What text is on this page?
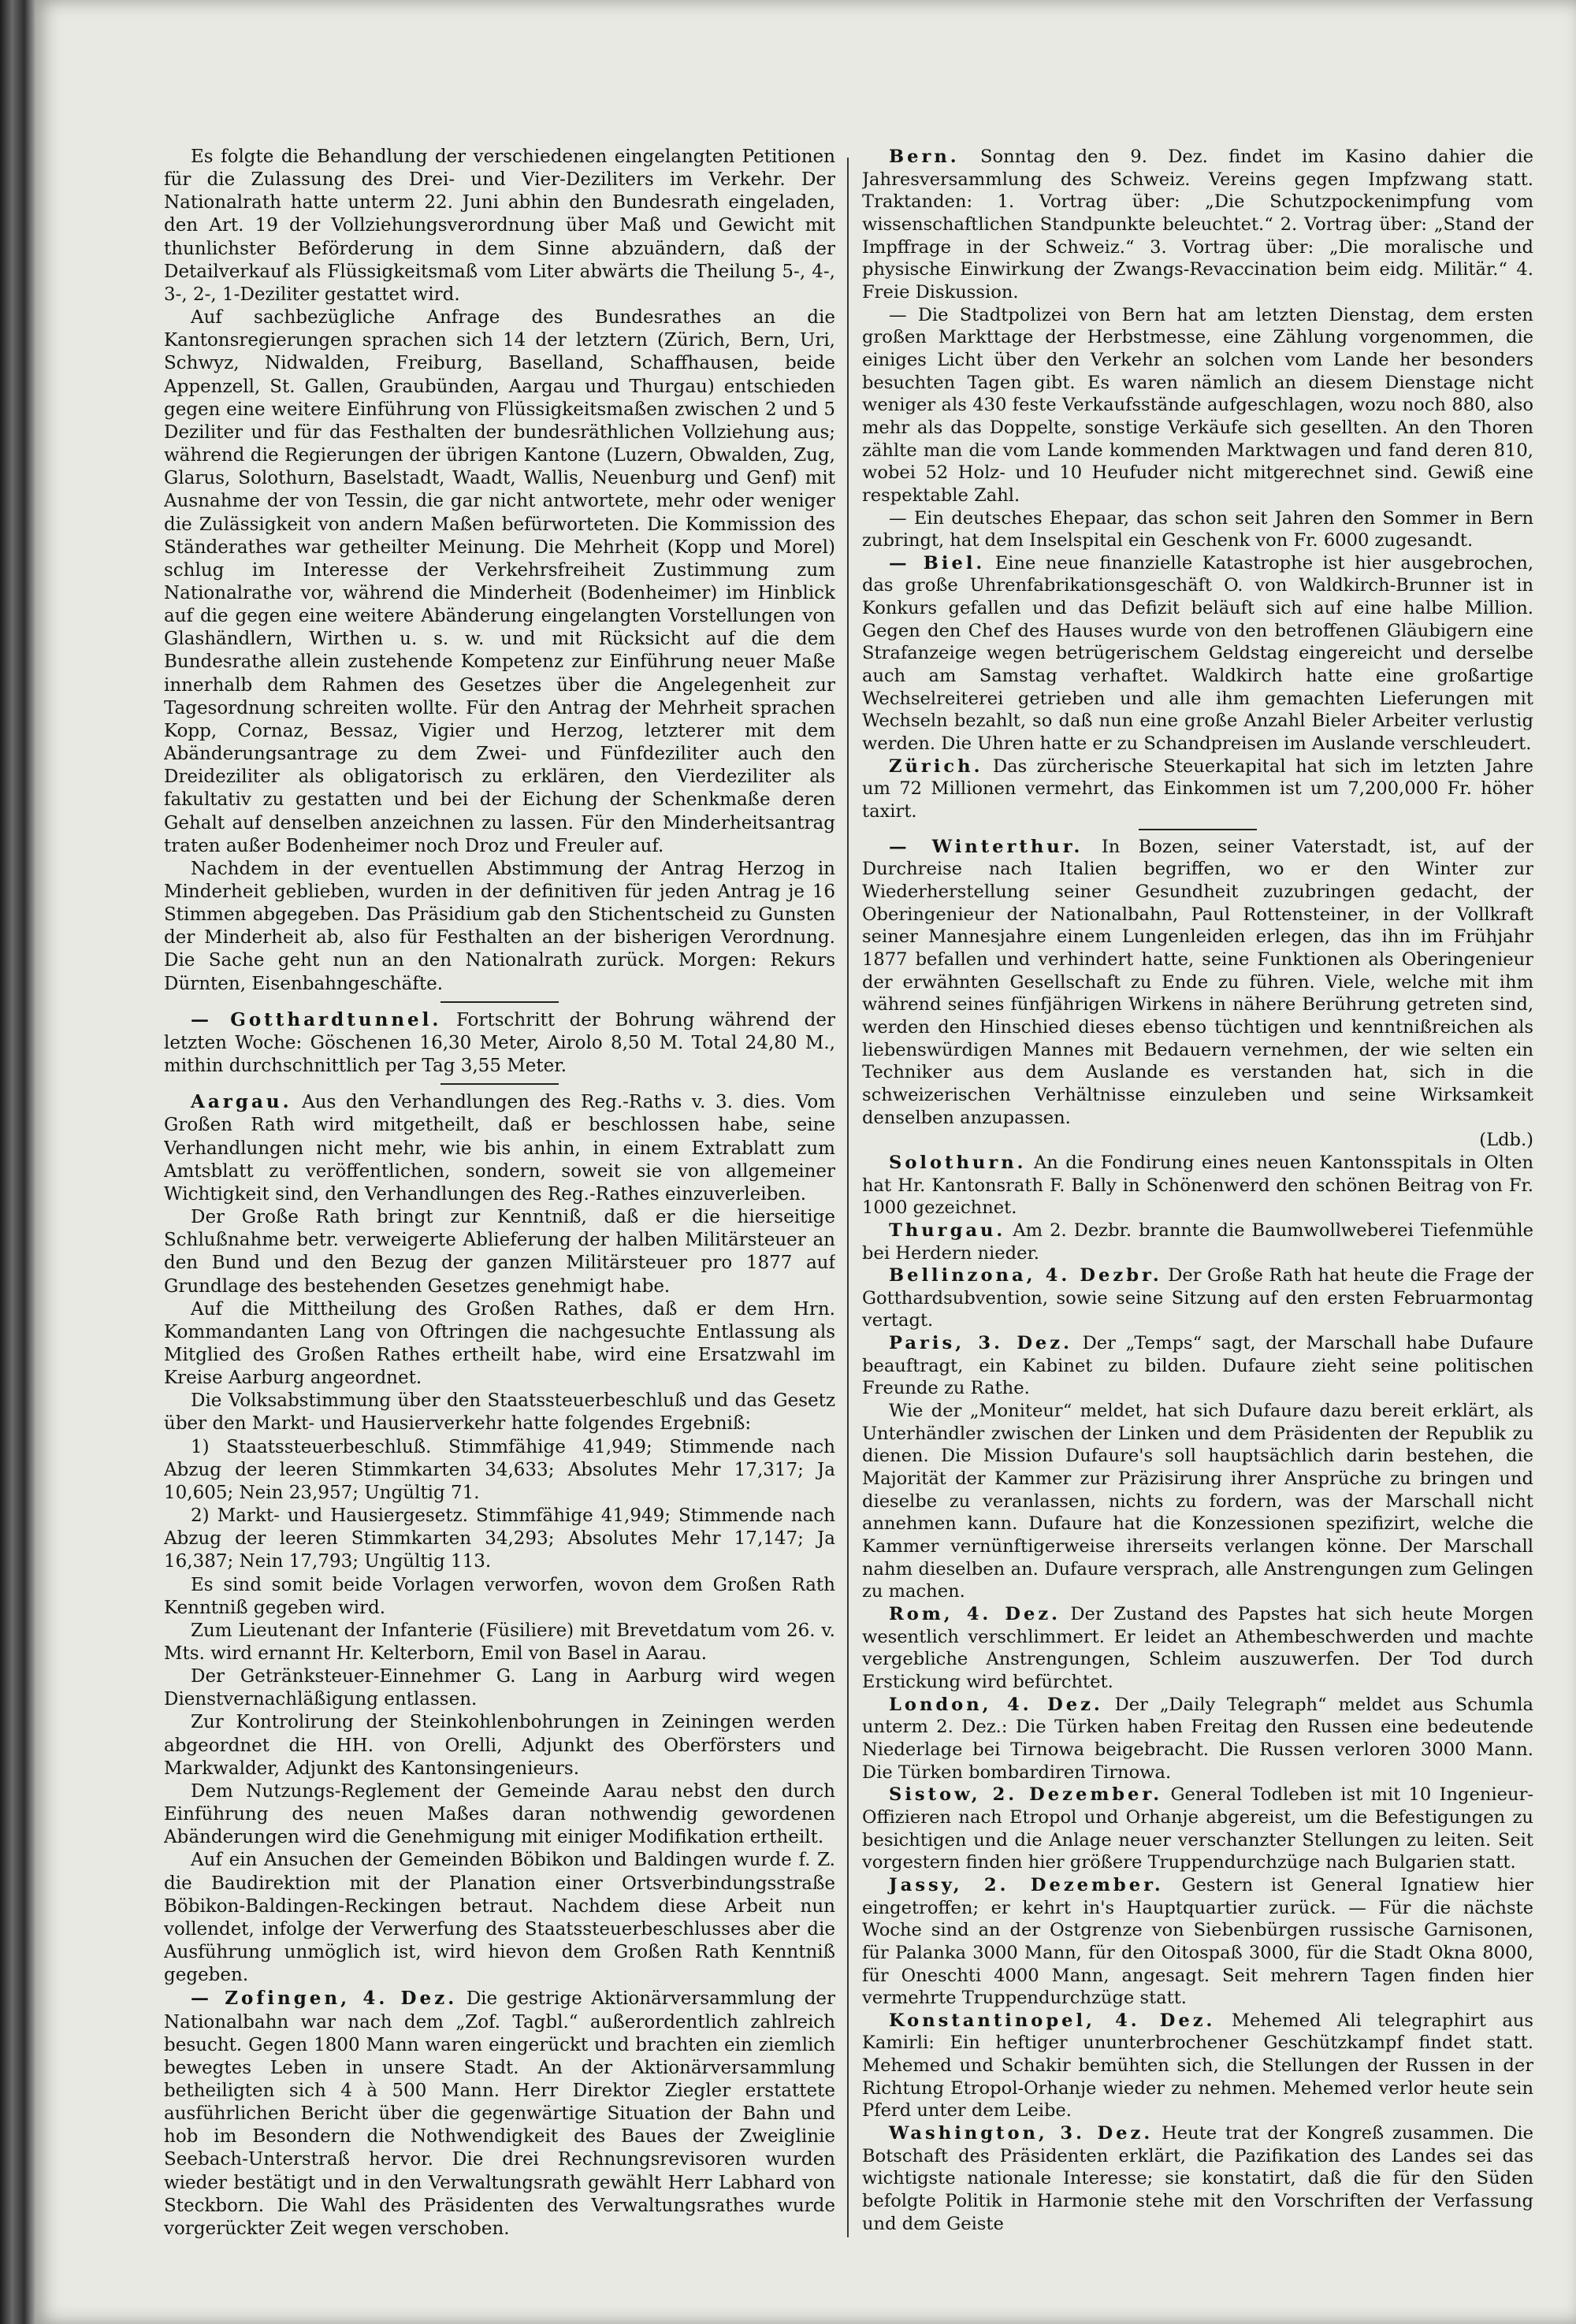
Es folgte die Behandlung der verschiedenen eingelangten Petitionen für die Zulassung des Drei- und Vier-Deziliters im Verkehr. Der Nationalrath hatte unterm 22. Juni abhin den Bundesrath eingeladen, den Art. 19 der Vollziehungsverordnung über Maß und Gewicht mit thunlichster Beförderung in dem Sinne abzuändern, daß der Detailverkauf als Flüssigkeitsmaß vom Liter abwärts die Theilung 5-, 4-, 3-, 2-, 1-Deziliter gestattet wird.

Auf sachbezügliche Anfrage des Bundesrathes an die Kantonsregierungen sprachen sich 14 der letztern (Zürich, Bern, Uri, Schwyz, Nidwalden, Freiburg, Baselland, Schaffhausen, beide Appenzell, St. Gallen, Graubünden, Aargau und Thurgau) entschieden gegen eine weitere Einführung von Flüssigkeitsmaßen zwischen 2 und 5 Deziliter und für das Festhalten der bundesräthlichen Vollziehung aus; während die Regierungen der übrigen Kantone (Luzern, Obwalden, Zug, Glarus, Solothurn, Baselstadt, Waadt, Wallis, Neuenburg und Genf) mit Ausnahme der von Tessin, die gar nicht antwortete, mehr oder weniger die Zulässigkeit von andern Maßen befürworteten. Die Kommission des Ständerathes war getheilter Meinung. Die Mehrheit (Kopp und Morel) schlug im Interesse der Verkehrsfreiheit Zustimmung zum Nationalrathe vor, während die Minderheit (Bodenheimer) im Hinblick auf die gegen eine weitere Abänderung eingelangten Vorstellungen von Glashändlern, Wirthen u. s. w. und mit Rücksicht auf die dem Bundesrathe allein zustehende Kompetenz zur Einführung neuer Maße innerhalb dem Rahmen des Gesetzes über die Angelegenheit zur Tagesordnung schreiten wollte. Für den Antrag der Mehrheit sprachen Kopp, Cornaz, Bessaz, Vigier und Herzog, letzterer mit dem Abänderungsantrage zu dem Zwei- und Fünfdeziliter auch den Dreideziliter als obligatorisch zu erklären, den Vierdeziliter als fakultativ zu gestatten und bei der Eichung der Schenkmaße deren Gehalt auf denselben anzeichnen zu lassen. Für den Minderheitsantrag traten außer Bodenheimer noch Droz und Freuler auf.

Nachdem in der eventuellen Abstimmung der Antrag Herzog in Minderheit geblieben, wurden in der definitiven für jeden Antrag je 16 Stimmen abgegeben. Das Präsidium gab den Stichentscheid zu Gunsten der Minderheit ab, also für Festhalten an der bisherigen Verordnung. Die Sache geht nun an den Nationalrath zurück. Morgen: Rekurs Dürnten, Eisenbahngeschäfte.

— Gotthardtunnel. Fortschritt der Bohrung während der letzten Woche: Göschenen 16,30 Meter, Airolo 8,50 M. Total 24,80 M., mithin durchschnittlich per Tag 3,55 Meter.

Aargau. Aus den Verhandlungen des Reg.-Raths v. 3. dies. Vom Großen Rath wird mitgetheilt, daß er beschlossen habe, seine Verhandlungen nicht mehr, wie bis anhin, in einem Extrablatt zum Amtsblatt zu veröffentlichen, sondern, soweit sie von allgemeiner Wichtigkeit sind, den Verhandlungen des Reg.-Rathes einzuverleiben.

Der Große Rath bringt zur Kenntniß, daß er die hierseitige Schlußnahme betr. verweigerte Ablieferung der halben Militärsteuer an den Bund und den Bezug der ganzen Militärsteuer pro 1877 auf Grundlage des bestehenden Gesetzes genehmigt habe.

Auf die Mittheilung des Großen Rathes, daß er dem Hrn. Kommandanten Lang von Oftringen die nachgesuchte Entlassung als Mitglied des Großen Rathes ertheilt habe, wird eine Ersatzwahl im Kreise Aarburg angeordnet.

Die Volksabstimmung über den Staatssteuerbeschluß und das Gesetz über den Markt- und Hausierverkehr hatte folgendes Ergebniß:

1) Staatssteuerbeschluß. Stimmfähige 41,949; Stimmende nach Abzug der leeren Stimmkarten 34,633; Absolutes Mehr 17,317; Ja 10,605; Nein 23,957; Ungültig 71.

2) Markt- und Hausiergesetz. Stimmfähige 41,949; Stimmende nach Abzug der leeren Stimmkarten 34,293; Absolutes Mehr 17,147; Ja 16,387; Nein 17,793; Ungültig 113.

Es sind somit beide Vorlagen verworfen, wovon dem Großen Rath Kenntniß gegeben wird.

Zum Lieutenant der Infanterie (Füsiliere) mit Brevetdatum vom 26. v. Mts. wird ernannt Hr. Kelterborn, Emil von Basel in Aarau.

Der Getränksteuer-Einnehmer G. Lang in Aarburg wird wegen Dienstvernachläßigung entlassen.

Zur Kontrolirung der Steinkohlenbohrungen in Zeiningen werden abgeordnet die HH. von Orelli, Adjunkt des Oberförsters und Markwalder, Adjunkt des Kantonsingenieurs.

Dem Nutzungs-Reglement der Gemeinde Aarau nebst den durch Einführung des neuen Maßes daran nothwendig gewordenen Abänderungen wird die Genehmigung mit einiger Modifikation ertheilt.

Auf ein Ansuchen der Gemeinden Böbikon und Baldingen wurde f. Z. die Baudirektion mit der Planation einer Ortsverbindungsstraße Böbikon-Baldingen-Reckingen betraut. Nachdem diese Arbeit nun vollendet, infolge der Verwerfung des Staatssteuerbeschlusses aber die Ausführung unmöglich ist, wird hievon dem Großen Rath Kenntniß gegeben.

— Zofingen, 4. Dez. Die gestrige Aktionärversammlung der Nationalbahn war nach dem „Zof. Tagbl.“ außerordentlich zahlreich besucht. Gegen 1800 Mann waren eingerückt und brachten ein ziemlich bewegtes Leben in unsere Stadt. An der Aktionärversammlung betheiligten sich 4 à 500 Mann. Herr Direktor Ziegler erstattete ausführlichen Bericht über die gegenwärtige Situation der Bahn und hob im Besondern die Nothwendigkeit des Baues der Zweiglinie Seebach-Unterstraß hervor. Die drei Rechnungsrevisoren wurden wieder bestätigt und in den Verwaltungsrath gewählt Herr Labhard von Steckborn. Die Wahl des Präsidenten des Verwaltungsrathes wurde vorgerückter Zeit wegen verschoben.

Bern. Sonntag den 9. Dez. findet im Kasino dahier die Jahresversammlung des Schweiz. Vereins gegen Impfzwang statt. Traktanden: 1. Vortrag über: „Die Schutzpockenimpfung vom wissenschaftlichen Standpunkte beleuchtet.“ 2. Vortrag über: „Stand der Impffrage in der Schweiz.“ 3. Vortrag über: „Die moralische und physische Einwirkung der Zwangs-Revaccination beim eidg. Militär.“ 4. Freie Diskussion.

— Die Stadtpolizei von Bern hat am letzten Dienstag, dem ersten großen Markttage der Herbstmesse, eine Zählung vorgenommen, die einiges Licht über den Verkehr an solchen vom Lande her besonders besuchten Tagen gibt. Es waren nämlich an diesem Dienstage nicht weniger als 430 feste Verkaufsstände aufgeschlagen, wozu noch 880, also mehr als das Doppelte, sonstige Verkäufe sich gesellten. An den Thoren zählte man die vom Lande kommenden Marktwagen und fand deren 810, wobei 52 Holz- und 10 Heufuder nicht mitgerechnet sind. Gewiß eine respektable Zahl.

— Ein deutsches Ehepaar, das schon seit Jahren den Sommer in Bern zubringt, hat dem Inselspital ein Geschenk von Fr. 6000 zugesandt.

— Biel. Eine neue finanzielle Katastrophe ist hier ausgebrochen, das große Uhrenfabrikationsgeschäft O. von Waldkirch-Brunner ist in Konkurs gefallen und das Defizit beläuft sich auf eine halbe Million. Gegen den Chef des Hauses wurde von den betroffenen Gläubigern eine Strafanzeige wegen betrügerischem Geldstag eingereicht und derselbe auch am Samstag verhaftet. Waldkirch hatte eine großartige Wechselreiterei getrieben und alle ihm gemachten Lieferungen mit Wechseln bezahlt, so daß nun eine große Anzahl Bieler Arbeiter verlustig werden. Die Uhren hatte er zu Schandpreisen im Auslande verschleudert.

Zürich. Das zürcherische Steuerkapital hat sich im letzten Jahre um 72 Millionen vermehrt, das Einkommen ist um 7,200,000 Fr. höher taxirt.

— Winterthur. In Bozen, seiner Vaterstadt, ist, auf der Durchreise nach Italien begriffen, wo er den Winter zur Wiederherstellung seiner Gesundheit zuzubringen gedacht, der Oberingenieur der Nationalbahn, Paul Rottensteiner, in der Vollkraft seiner Mannesjahre einem Lungenleiden erlegen, das ihn im Frühjahr 1877 befallen und verhindert hatte, seine Funktionen als Oberingenieur der erwähnten Gesellschaft zu Ende zu führen. Viele, welche mit ihm während seines fünfjährigen Wirkens in nähere Berührung getreten sind, werden den Hinschied dieses ebenso tüchtigen und kenntnißreichen als liebenswürdigen Mannes mit Bedauern vernehmen, der wie selten ein Techniker aus dem Auslande es verstanden hat, sich in die schweizerischen Verhältnisse einzuleben und seine Wirksamkeit denselben anzupassen.

(Ldb.)

Solothurn. An die Fondirung eines neuen Kantonsspitals in Olten hat Hr. Kantonsrath F. Bally in Schönenwerd den schönen Beitrag von Fr. 1000 gezeichnet.

Thurgau. Am 2. Dezbr. brannte die Baumwollweberei Tiefenmühle bei Herdern nieder.

Bellinzona, 4. Dezbr. Der Große Rath hat heute die Frage der Gotthardsubvention, sowie seine Sitzung auf den ersten Februarmontag vertagt.

Paris, 3. Dez. Der „Temps“ sagt, der Marschall habe Dufaure beauftragt, ein Kabinet zu bilden. Dufaure zieht seine politischen Freunde zu Rathe.

Wie der „Moniteur“ meldet, hat sich Dufaure dazu bereit erklärt, als Unterhändler zwischen der Linken und dem Präsidenten der Republik zu dienen. Die Mission Dufaure's soll hauptsächlich darin bestehen, die Majorität der Kammer zur Präzisirung ihrer Ansprüche zu bringen und dieselbe zu veranlassen, nichts zu fordern, was der Marschall nicht annehmen kann. Dufaure hat die Konzessionen spezifizirt, welche die Kammer vernünftigerweise ihrerseits verlangen könne. Der Marschall nahm dieselben an. Dufaure versprach, alle Anstrengungen zum Gelingen zu machen.

Rom, 4. Dez. Der Zustand des Papstes hat sich heute Morgen wesentlich verschlimmert. Er leidet an Athembeschwerden und machte vergebliche Anstrengungen, Schleim auszuwerfen. Der Tod durch Erstickung wird befürchtet.

London, 4. Dez. Der „Daily Telegraph“ meldet aus Schumla unterm 2. Dez.: Die Türken haben Freitag den Russen eine bedeutende Niederlage bei Tirnowa beigebracht. Die Russen verloren 3000 Mann. Die Türken bombardiren Tirnowa.

Sistow, 2. Dezember. General Todleben ist mit 10 Ingenieur-Offizieren nach Etropol und Orhanje abgereist, um die Befestigungen zu besichtigen und die Anlage neuer verschanzter Stellungen zu leiten. Seit vorgestern finden hier größere Truppendurchzüge nach Bulgarien statt.

Jassy, 2. Dezember. Gestern ist General Ignatiew hier eingetroffen; er kehrt in's Hauptquartier zurück. — Für die nächste Woche sind an der Ostgrenze von Siebenbürgen russische Garnisonen, für Palanka 3000 Mann, für den Oitospaß 3000, für die Stadt Okna 8000, für Oneschti 4000 Mann, angesagt. Seit mehrern Tagen finden hier vermehrte Truppendurchzüge statt.

Konstantinopel, 4. Dez. Mehemed Ali telegraphirt aus Kamirli: Ein heftiger ununterbrochener Geschützkampf findet statt. Mehemed und Schakir bemühten sich, die Stellungen der Russen in der Richtung Etropol-Orhanje wieder zu nehmen. Mehemed verlor heute sein Pferd unter dem Leibe.

Washington, 3. Dez. Heute trat der Kongreß zusammen. Die Botschaft des Präsidenten erklärt, die Pazifikation des Landes sei das wichtigste nationale Interesse; sie konstatirt, daß die für den Süden befolgte Politik in Harmonie stehe mit den Vorschriften der Verfassung und dem Geiste
